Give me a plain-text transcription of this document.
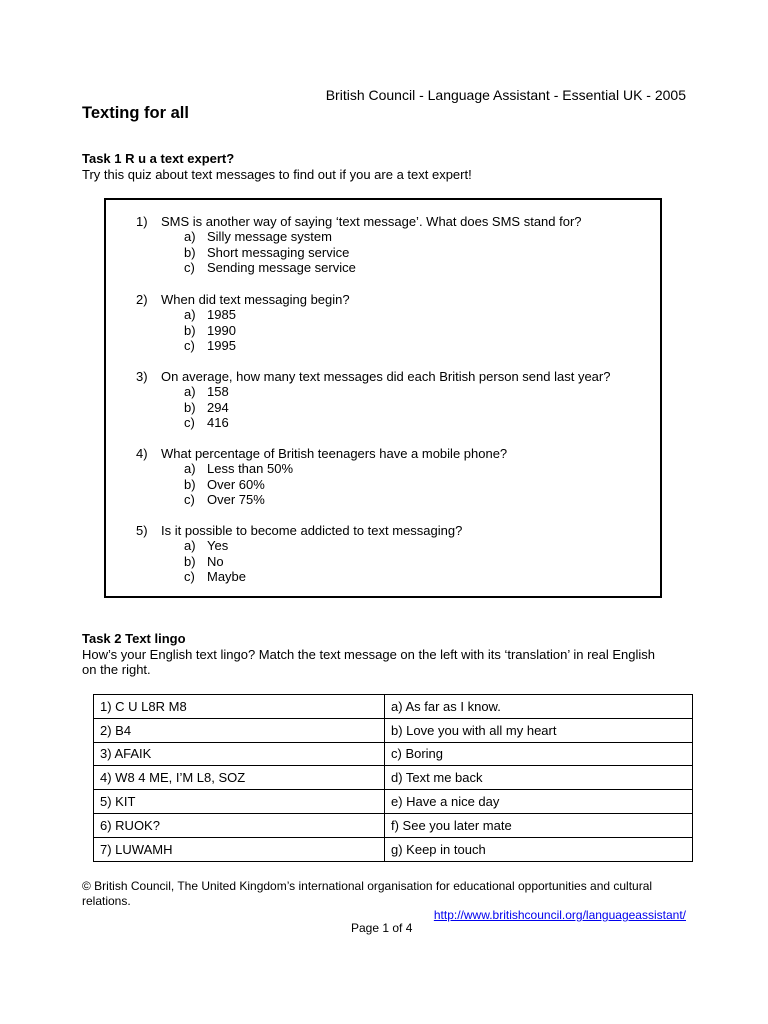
British Council - Language Assistant - Essential UK - 2005
Texting for all
Task 1 R u a text expert?
Try this quiz about text messages to find out if you are a text expert!
1)	SMS is another way of saying ‘text message’. What does SMS stand for?
a) Silly message system
b) Short messaging service
c) Sending message service
2)	When did text messaging begin?
a) 1985
b) 1990
c) 1995
3)	On average, how many text messages did each British person send last year?
a) 158
b) 294
c) 416
4)	What percentage of British teenagers have a mobile phone?
a) Less than 50%
b) Over 60%
c) Over 75%
5)	Is it possible to become addicted to text messaging?
a) Yes
b) No
c) Maybe
Task 2 Text lingo
How’s your English text lingo? Match the text message on the left with its ‘translation’ in real English on the right.
1) C U L8R M8	a) As far as I know.
2) B4	b) Love you with all my heart
3) AFAIK	c) Boring
4) W8 4 ME, I’M L8, SOZ	d) Text me back
5) KIT	e) Have a nice day
6) RUOK?	f) See you later mate
7) LUWAMH	g) Keep in touch
© British Council, The United Kingdom’s international organisation for educational opportunities and cultural relations.
http://www.britishcouncil.org/languageassistant/
Page 1 of 4
